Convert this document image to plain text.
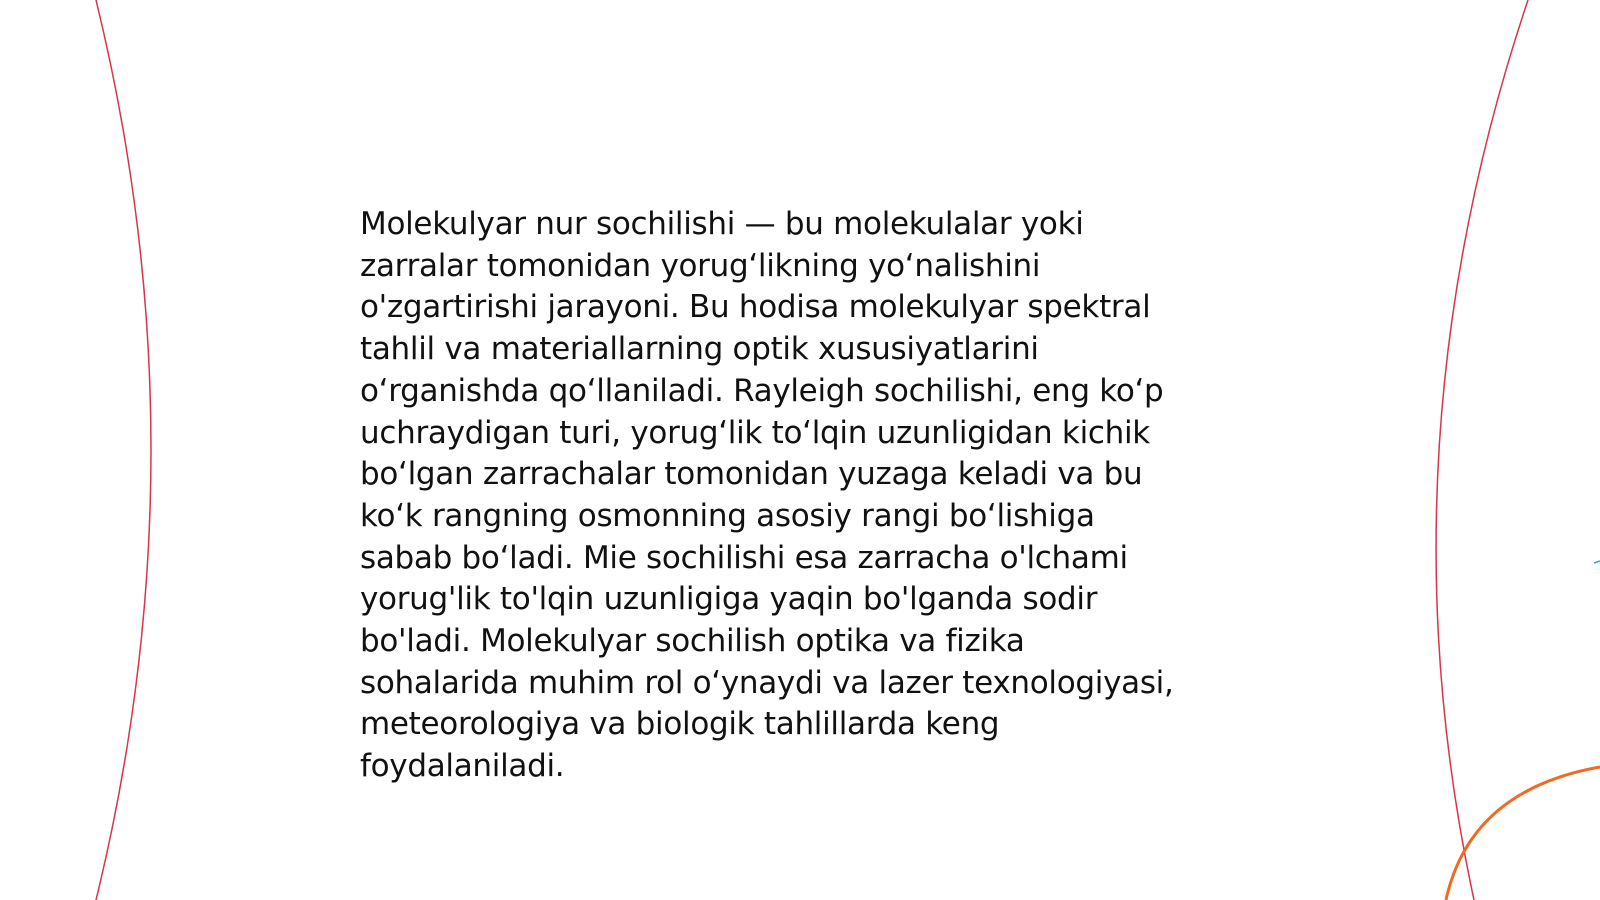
Molekulyar nur sochilishi — bu molekulalar yoki
zarralar tomonidan yorugʻlikning yoʻnalishini
o'zgartirishi jarayoni. Bu hodisa molekulyar spektral
tahlil va materiallarning optik xususiyatlarini
oʻrganishda qoʻllaniladi. Rayleigh sochilishi, eng koʻp
uchraydigan turi, yorugʻlik toʻlqin uzunligidan kichik
boʻlgan zarrachalar tomonidan yuzaga keladi va bu
koʻk rangning osmonning asosiy rangi boʻlishiga
sabab boʻladi. Mie sochilishi esa zarracha o'lchami
yorug'lik to'lqin uzunligiga yaqin bo'lganda sodir
bo'ladi. Molekulyar sochilish optika va fizika
sohalarida muhim rol oʻynaydi va lazer texnologiyasi,
meteorologiya va biologik tahlillarda keng
foydalaniladi.
